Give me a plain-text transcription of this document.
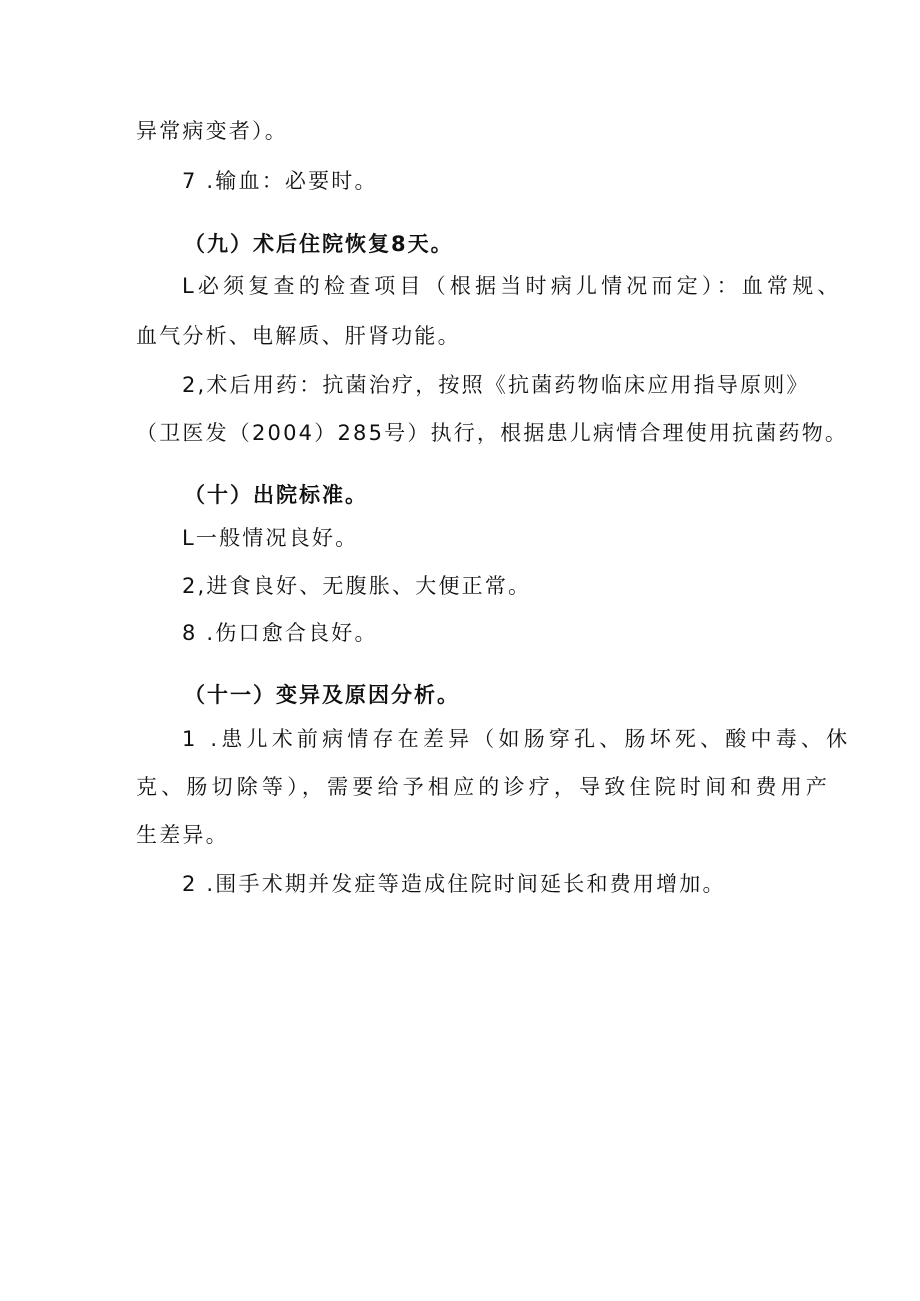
异常病变者）。
7 .输血：必要时。
（九）术后住院恢复8天。
L必须复查的检查项目（根据当时病儿情况而定）：血常规、
血气分析、电解质、肝肾功能。
2,术后用药：抗菌治疗，按照《抗菌药物临床应用指导原则》
（卫医发（2004）285号）执行，根据患儿病情合理使用抗菌药物。
（十）出院标准。
L一般情况良好。
2,进食良好、无腹胀、大便正常。
8 .伤口愈合良好。
（十一）变异及原因分析。
1 .患儿术前病情存在差异（如肠穿孔、肠坏死、酸中毒、休
克、肠切除等），需要给予相应的诊疗，导致住院时间和费用产
生差异。
2 .围手术期并发症等造成住院时间延长和费用增加。
